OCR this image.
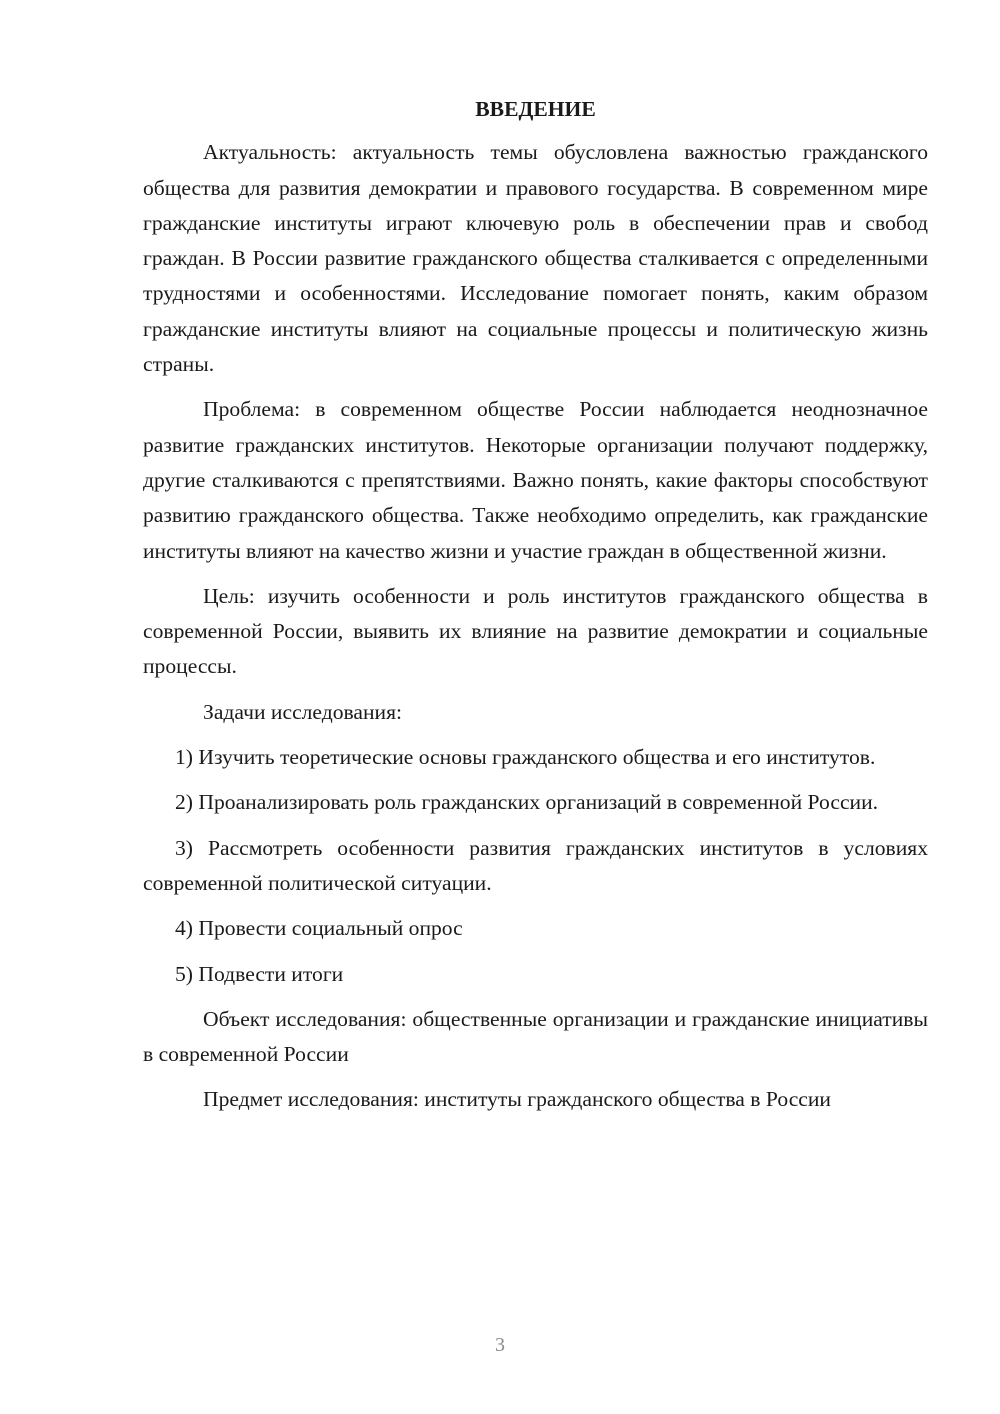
ВВЕДЕНИЕ

Актуальность: актуальность темы обусловлена важностью гражданского общества для развития демократии и правового государства. В современном мире гражданские институты играют ключевую роль в обеспечении прав и свобод граждан. В России развитие гражданского общества сталкивается с определенными трудностями и особенностями. Исследование помогает понять, каким образом гражданские институты влияют на социальные процессы и политическую жизнь страны.

Проблема: в современном обществе России наблюдается неоднозначное развитие гражданских институтов. Некоторые организации получают поддержку, другие сталкиваются с препятствиями. Важно понять, какие факторы способствуют развитию гражданского общества. Также необходимо определить, как гражданские институты влияют на качество жизни и участие граждан в общественной жизни.

Цель: изучить особенности и роль институтов гражданского общества в современной России, выявить их влияние на развитие демократии и социальные процессы.

Задачи исследования:

1) Изучить теоретические основы гражданского общества и его институтов.

2) Проанализировать роль гражданских организаций в современной России.

3) Рассмотреть особенности развития гражданских институтов в условиях современной политической ситуации.

4) Провести социальный опрос

5) Подвести итоги

Объект исследования: общественные организации и гражданские инициативы в современной России

Предмет исследования: институты гражданского общества в России

3
